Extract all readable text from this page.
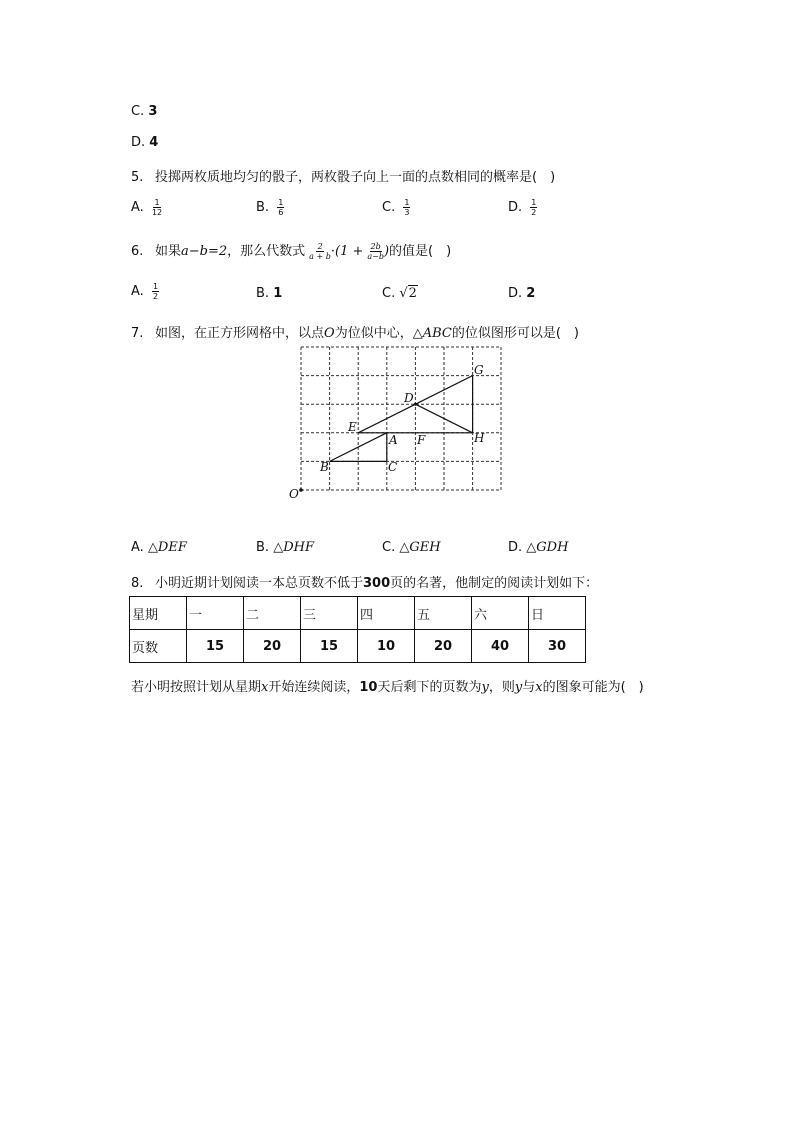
C. 3
D. 4
5. 投掷两枚质地均匀的骰子，两枚骰子向上一面的点数相同的概率是(　)
A. $\frac{1}{12}$	B. $\frac{1}{6}$	C. $\frac{1}{3}$	D. $\frac{1}{2}$
6. 如果a−b=2，那么代数式 $\frac{2}{a + b} \cdot(1 + \frac{2b}{a-b}$ )的值是(　)
A. $\frac{1}{2}$	B. 1	C. √2	D. 2
7. 如图，在正方形网格中，以点O为位似中心，△ABC的位似图形可以是(　)
G
D
E
A F	H
B	C
O
A. △DEF	B. △DHF	C. △GEH	D. △GDH
8. 小明近期计划阅读一本总页数不低于300页的名著，他制定的阅读计划如下：
星期	一	二	三	四	五	六	日
页数	15	20	15	10	20	40	30
若小明按照计划从星期x开始连续阅读，10天后剩下的页数为y，则y与x的图象可能为(　)
